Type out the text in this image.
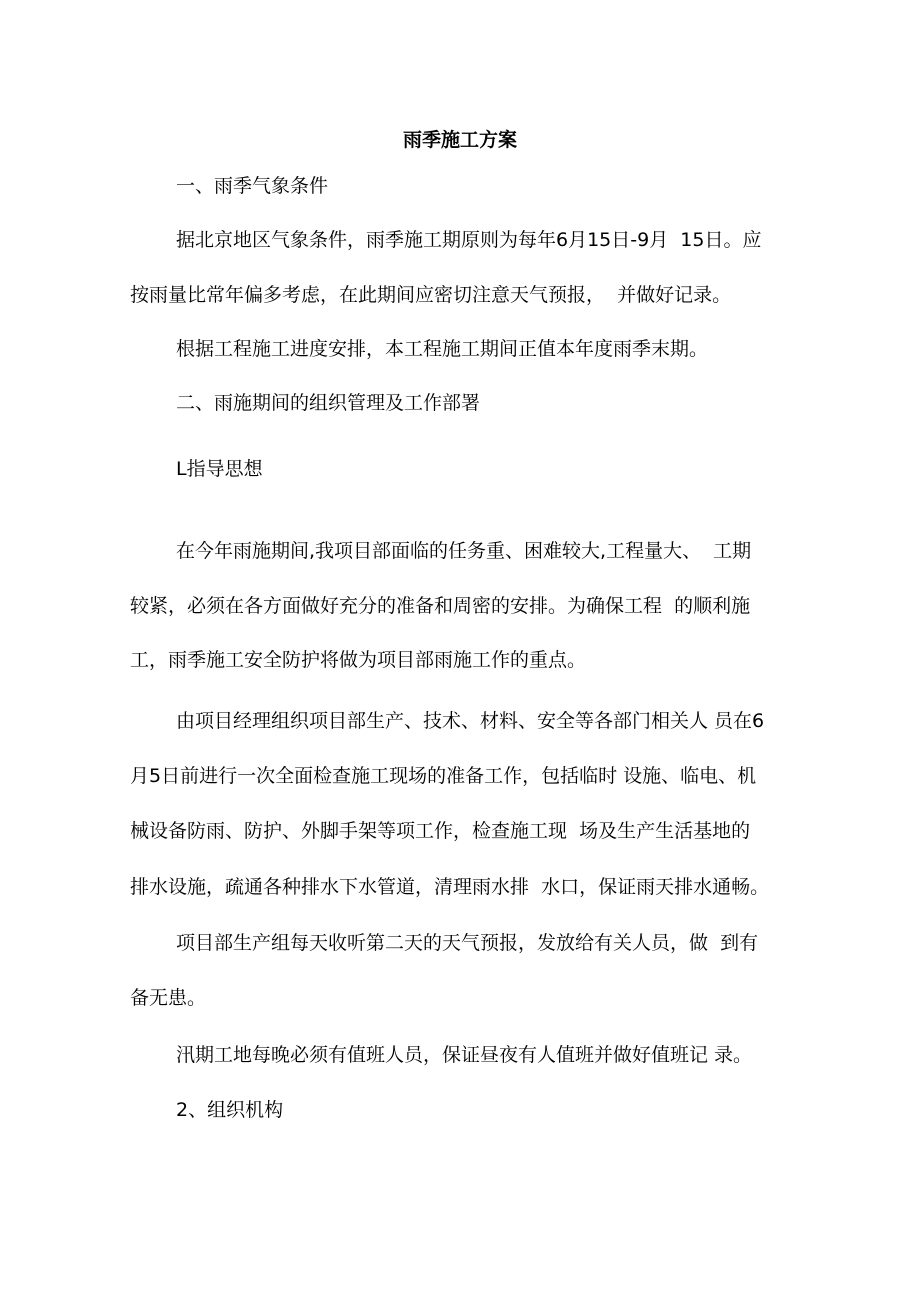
雨季施工方案

一、雨季气象条件

据北京地区气象条件，雨季施工期原则为每年6月15日-9月  15日。应

按雨量比常年偏多考虑，在此期间应密切注意天气预报，  并做好记录。

根据工程施工进度安排，本工程施工期间正值本年度雨季末期。

二、雨施期间的组织管理及工作部署

L指导思想

在今年雨施期间,我项目部面临的任务重、困难较大,工程量大、  工期

较紧，必须在各方面做好充分的准备和周密的安排。为确保工程  的顺利施

工，雨季施工安全防护将做为项目部雨施工作的重点。

由项目经理组织项目部生产、技术、材料、安全等各部门相关人 员在6

月5日前进行一次全面检查施工现场的准备工作，包括临时 设施、临电、机

械设备防雨、防护、外脚手架等项工作，检查施工现  场及生产生活基地的

排水设施，疏通各种排水下水管道，清理雨水排  水口，保证雨天排水通畅。

项目部生产组每天收听第二天的天气预报，发放给有关人员，做  到有

备无患。

汛期工地每晚必须有值班人员，保证昼夜有人值班并做好值班记 录。

2、组织机构
